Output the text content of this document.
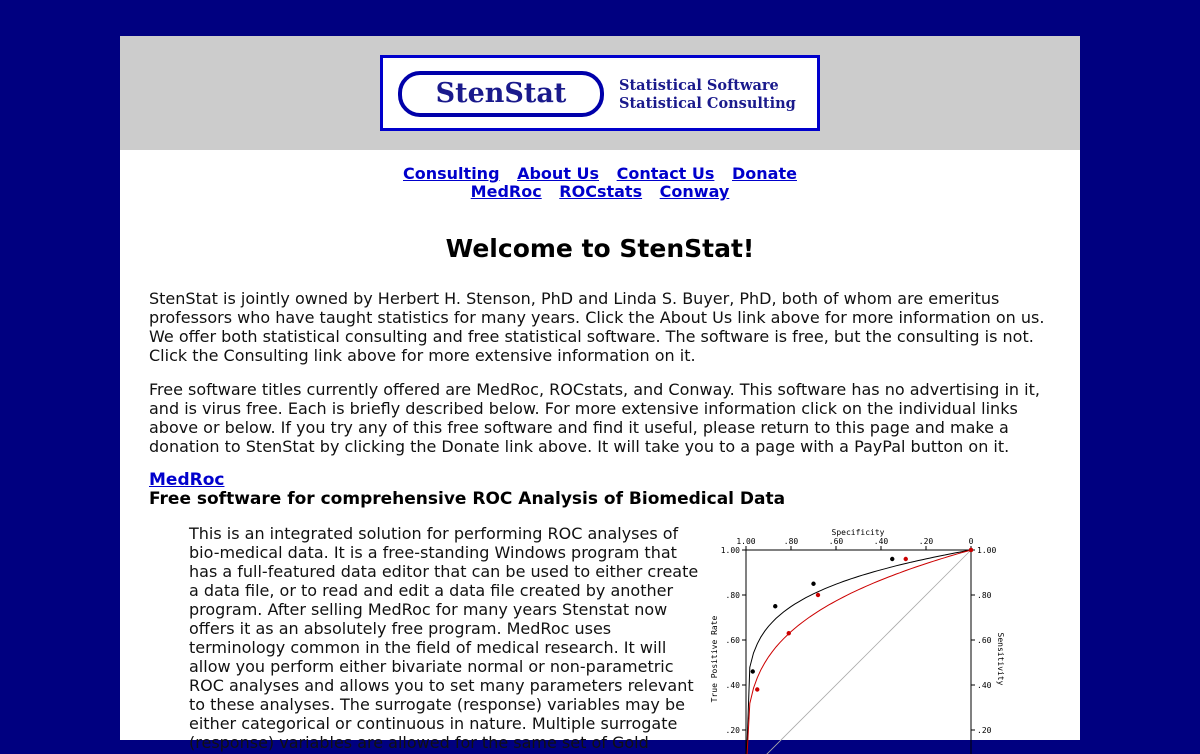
StenStat	Statistical Software
Statistical Consulting
Consulting About Us Contact Us Donate
MedRoc ROCstats Conway
Welcome to StenStat!

StenStat is jointly owned by Herbert H. Stenson, PhD and Linda S. Buyer, PhD, both of whom are emeritus professors who have taught statistics for many years. Click the About Us link above for more information on us. We offer both statistical consulting and free statistical software. The software is free, but the consulting is not. Click the Consulting link above for more extensive information on it.

Free software titles currently offered are MedRoc, ROCstats, and Conway. This software has no advertising in it, and is virus free. Each is briefly described below. For more extensive information click on the individual links above or below. If you try any of this free software and find it useful, please return to this page and make a donation to StenStat by clicking the Donate link above. It will take you to a page with a PayPal button on it.

MedRoc
Free software for comprehensive ROC Analysis of Biomedical Data
This is an integrated solution for performing ROC analyses of bio-medical data. It is a free-standing Windows program that has a full-featured data editor that can be used to either create a data file, or to read and edit a data file created by another program. After selling MedRoc for many years Stenstat now offers it as an absolutely free program. MedRoc uses terminology common in the field of medical research. It will allow you perform either bivariate normal or non-parametric ROC analyses and allows you to set many parameters relevant to these analyses. The surrogate (response) variables may be either categorical or continuous in nature. Multiple surrogate (response) variables are allowed for the same set of Gold
Specificity
1.00	.80	.60	.40	.20	0
1.00
.80
.60
.40
.20
1.00
.80
.60
.40
.20
True Positive Rate	Sensitivity
